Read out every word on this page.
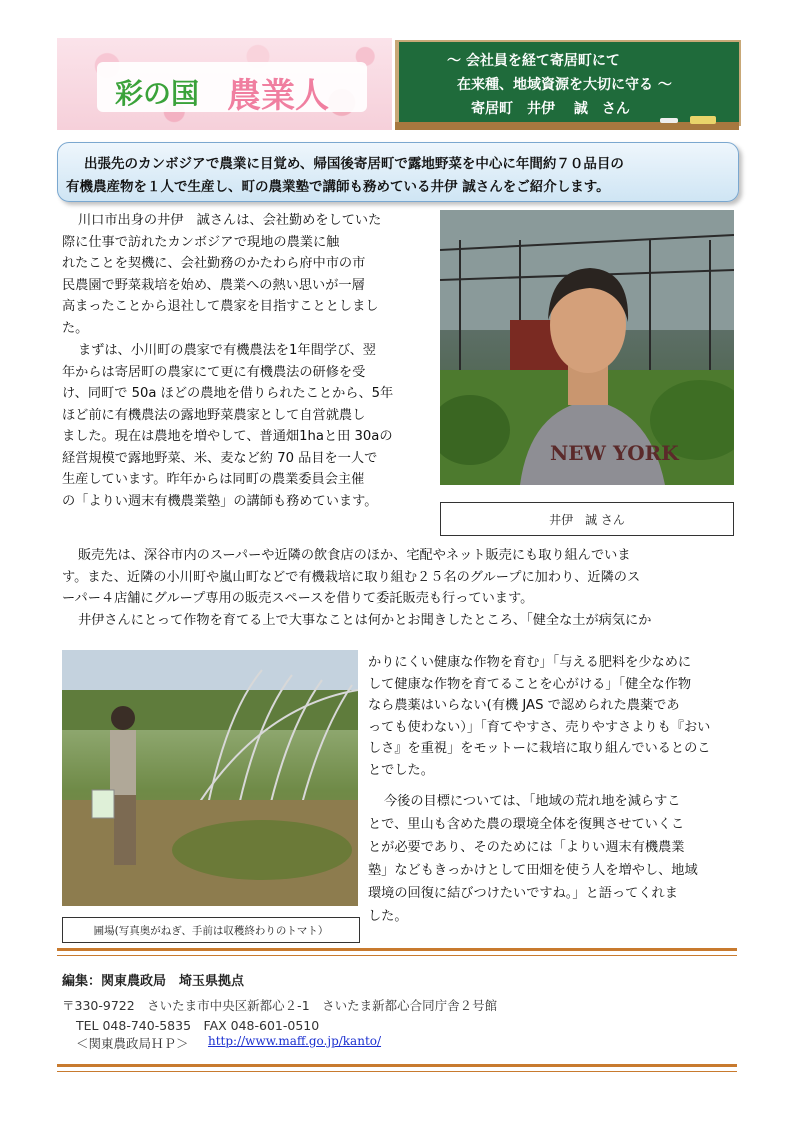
彩の国 農業人
～ 会社員を経て寄居町にて
在来種、地域資源を大切に守る ～
寄居町　井伊　 誠　さん
出張先のカンボジアで農業に目覚め、帰国後寄居町で露地野菜を中心に年間約７０品目の
有機農産物を１人で生産し、町の農業塾で講師も務めている井伊 誠さんをご紹介します。
川口市出身の井伊　誠さんは、会社勤めをしていた
際に仕事で訪れたカンボジアで現地の農業に触
れたことを契機に、会社勤務のかたわら府中市の市
民農園で野菜栽培を始め、農業への熱い思いが一層
高まったことから退社して農家を目指すこととしまし
た。
まずは、小川町の農家で有機農法を1年間学び、翌
年からは寄居町の農家にて更に有機農法の研修を受
け、同町で 50a ほどの農地を借りられたことから、5年
ほど前に有機農法の露地野菜農家として自営就農し
ました。現在は農地を増やして、普通畑1haと田 30aの
経営規模で露地野菜、米、麦など約 70 品目を一人で
生産しています。昨年からは同町の農業委員会主催
の「よりい週末有機農業塾」の講師も務めています。
NEW YORK
井伊　誠 さん
販売先は、深谷市内のスーパーや近隣の飲食店のほか、宅配やネット販売にも取り組んでいま
す。また、近隣の小川町や嵐山町などで有機栽培に取り組む２５名のグループに加わり、近隣のス
ーパー４店舗にグループ専用の販売スペースを借りて委託販売も行っています。
井伊さんにとって作物を育てる上で大事なことは何かとお聞きしたところ、「健全な土が病気にか
圃場(写真奥がねぎ、手前は収穫終わりのトマト）
かりにくい健康な作物を育む」「与える肥料を少なめに
して健康な作物を育てることを心がける」「健全な作物
なら農薬はいらない(有機 JAS で認められた農薬であ
っても使わない）」「育てやすさ、売りやすさよりも『おい
しさ』を重視」をモットーに栽培に取り組んでいるとのこ
とでした。
今後の目標については、「地域の荒れ地を減らすこ
とで、里山も含めた農の環境全体を復興させていくこ
とが必要であり、そのためには「よりい週末有機農業
塾」などもきっかけとして田畑を使う人を増やし、地域
環境の回復に結びつけたいですね。」と語ってくれま
した。
編集：関東農政局　埼玉県拠点
〒330-9722　さいたま市中央区新都心２-1　さいたま新都心合同庁舎２号館
TEL 048-740-5835　FAX 048-601-0510
＜関東農政局ＨＰ＞ http://www.maff.go.jp/kanto/
